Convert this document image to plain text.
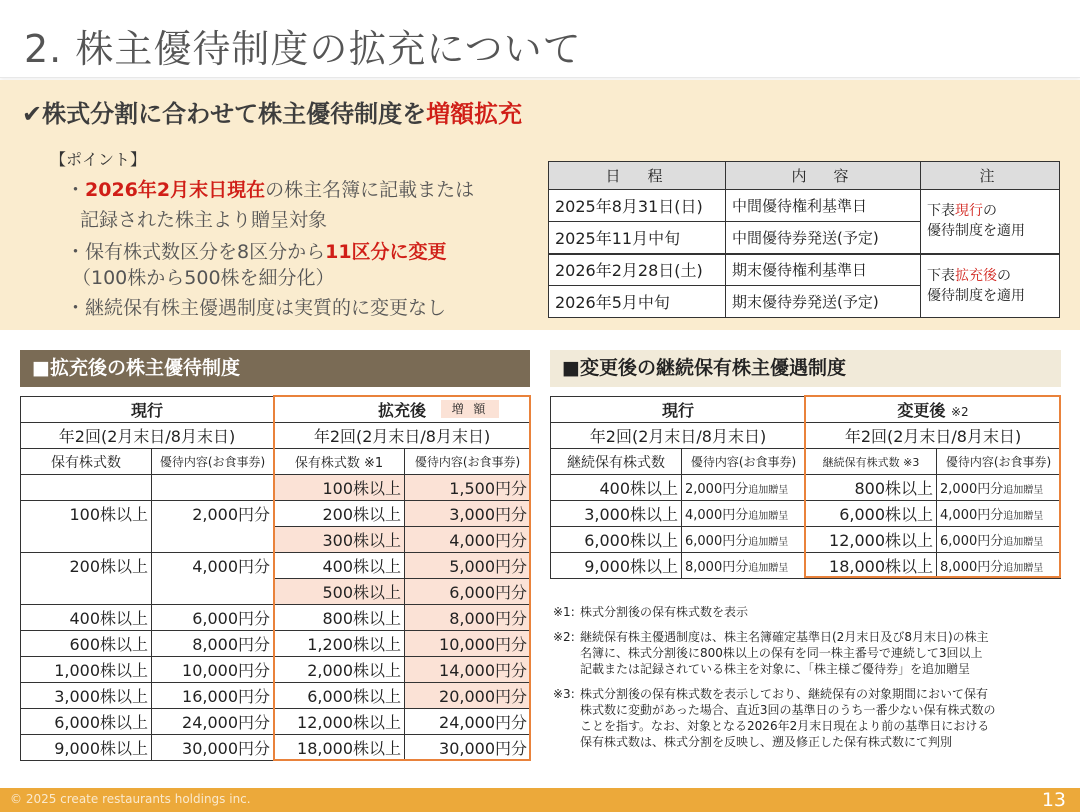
2. 株主優待制度の拡充について
✔株式分割に合わせて株主優待制度を増額拡充
【ポイント】
・2026年2月末日現在の株主名簿に記載または
記録された株主より贈呈対象
・保有株式数区分を8区分から11区分に変更
（100株から500株を細分化）
・継続保有株主優遇制度は実質的に変更なし
日　程	内　容	注
2025年8月31日(日)	中間優待権利基準日	下表現行の
優待制度を適用
2025年11月中旬	中間優待券発送(予定)	
2026年2月28日(土)	期末優待権利基準日	下表拡充後の
優待制度を適用
2026年5月中旬	期末優待券発送(予定)	
■拡充後の株主優待制度
現行		拡充後	
年2回(2月末日/8月末日)		年2回(2月末日/8月末日)	
保有株式数	優待内容(お食事券)	保有株式数 ※1	優待内容(お食事券)
		100株以上	1,500円分
100株以上	2,000円分	200株以上	3,000円分
		300株以上	4,000円分
200株以上	4,000円分	400株以上	5,000円分
		500株以上	6,000円分
400株以上	6,000円分	800株以上	8,000円分
600株以上	8,000円分	1,200株以上	10,000円分
1,000株以上	10,000円分	2,000株以上	14,000円分
3,000株以上	16,000円分	6,000株以上	20,000円分
6,000株以上	24,000円分	12,000株以上	24,000円分
9,000株以上	30,000円分	18,000株以上	30,000円分
増 額
■変更後の継続保有株主優遇制度
現行		変更後 ※2	
年2回(2月末日/8月末日)		年2回(2月末日/8月末日)	
継続保有株式数	優待内容(お食事券)	継続保有株式数 ※3	優待内容(お食事券)
400株以上	2,000円分追加贈呈	800株以上	2,000円分追加贈呈
3,000株以上	4,000円分追加贈呈	6,000株以上	4,000円分追加贈呈
6,000株以上	6,000円分追加贈呈	12,000株以上	6,000円分追加贈呈
9,000株以上	8,000円分追加贈呈	18,000株以上	8,000円分追加贈呈
※1: 株式分割後の保有株式数を表示
※2: 継続保有株主優遇制度は、株主名簿確定基準日(2月末日及び8月末日)の株主
名簿に、株式分割後に800株以上の保有を同一株主番号で連続して3回以上
記載または記録されている株主を対象に、「株主様ご優待券」を追加贈呈
※3: 株式分割後の保有株式数を表示しており、継続保有の対象期間において保有
株式数に変動があった場合、直近3回の基準日のうち一番少ない保有株式数の
ことを指す。なお、対象となる2026年2月末日現在より前の基準日における
保有株式数は、株式分割を反映し、遡及修正した保有株式数にて判別
© 2025 create restaurants holdings inc.	13
